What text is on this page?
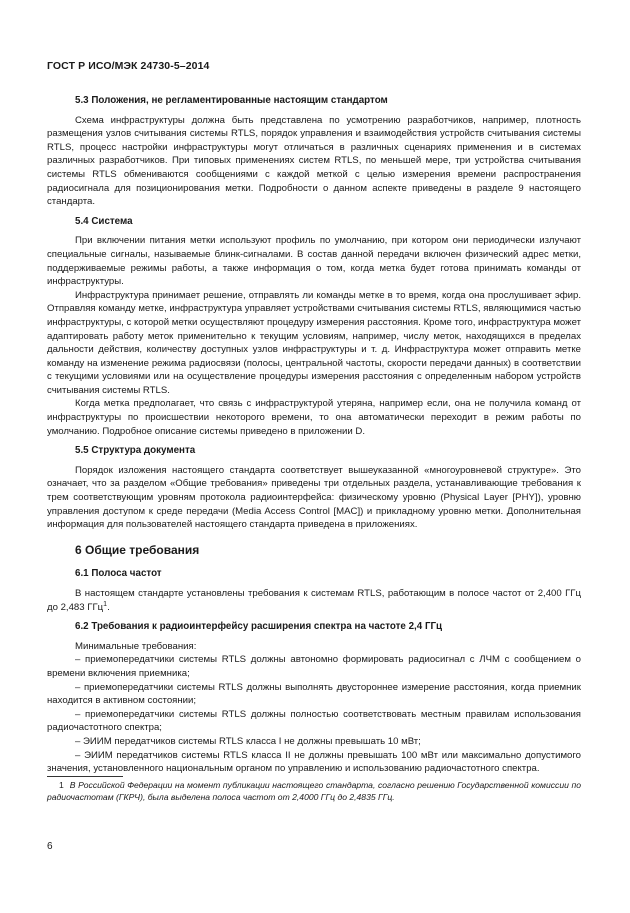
ГОСТ Р ИСО/МЭК 24730-5–2014
5.3 Положения, не регламентированные настоящим стандартом

Схема инфраструктуры должна быть представлена по усмотрению разработчиков, например, плотность размещения узлов считывания системы RTLS, порядок управления и взаимодействия устройств считывания системы RTLS, процесс настройки инфраструктуры могут отличаться в различных сценариях применения и в системах различных разработчиков. При типовых применениях систем RTLS, по меньшей мере, три устройства считывания системы RTLS обмениваются сообщениями с каждой меткой с целью измерения времени распространения радиосигнала для позиционирования метки. Подробности о данном аспекте приведены в разделе 9 настоящего стандарта.

5.4 Система

При включении питания метки используют профиль по умолчанию, при котором они периодически излучают специальные сигналы, называемые блинк-сигналами. В состав данной передачи включен физический адрес метки, поддерживаемые режимы работы, а также информация о том, когда метка будет готова принимать команды от инфраструктуры.

Инфраструктура принимает решение, отправлять ли команды метке в то время, когда она прослушивает эфир. Отправляя команду метке, инфраструктура управляет устройствами считывания системы RTLS, являющимися частью инфраструктуры, с которой метки осуществляют процедуру измерения расстояния. Кроме того, инфраструктура может адаптировать работу меток применительно к текущим условиям, например, числу меток, находящихся в пределах дальности действия, количеству доступных узлов инфраструктуры и т. д. Инфраструктура может отправить метке команду на изменение режима радиосвязи (полосы, центральной частоты, скорости передачи данных) в соответствии с текущими условиями или на осуществление процедуры измерения расстояния с определенным набором устройств считывания системы RTLS.

Когда метка предполагает, что связь с инфраструктурой утеряна, например если, она не получила команд от инфраструктуры по происшествии некоторого времени, то она автоматически переходит в режим работы по умолчанию. Подробное описание системы приведено в приложении D.

5.5 Структура документа

Порядок изложения настоящего стандарта соответствует вышеуказанной «многоуровневой структуре». Это означает, что за разделом «Общие требования» приведены три отдельных раздела, устанавливающие требования к трем соответствующим уровням протокола радиоинтерфейса: физическому уровню (Physical Layer [PHY]), уровню управления доступом к среде передачи (Media Access Control [MAC]) и прикладному уровню метки. Дополнительная информация для пользователей настоящего стандарта приведена в приложениях.

6 Общие требования
6.1 Полоса частот

В настоящем стандарте установлены требования к системам RTLS, работающим в полосе частот от 2,400 ГГц до 2,483 ГГц$^1$.

6.2 Требования к радиоинтерфейсу расширения спектра на частоте 2,4 ГГц

Минимальные требования:

– приемопередатчики системы RTLS должны автономно формировать радиосигнал с ЛЧМ с сообщением о времени включения приемника;

– приемопередатчики системы RTLS должны выполнять двустороннее измерение расстояния, когда приемник находится в активном состоянии;

– приемопередатчики системы RTLS должны полностью соответствовать местным правилам использования радиочастотного спектра;

– ЭИИМ передатчиков системы RTLS класса I не должны превышать 10 мВт;

– ЭИИМ передатчиков системы RTLS класса II не должны превышать 100 мВт или максимально допустимого значения, установленного национальным органом по управлению и использованию радиочастотного спектра.

1 В Российской Федерации на момент публикации настоящего стандарта, согласно решению Государственной комиссии по радиочастотам (ГКРЧ), была выделена полоса частот от 2,4000 ГГц до 2,4835 ГГц.

6
